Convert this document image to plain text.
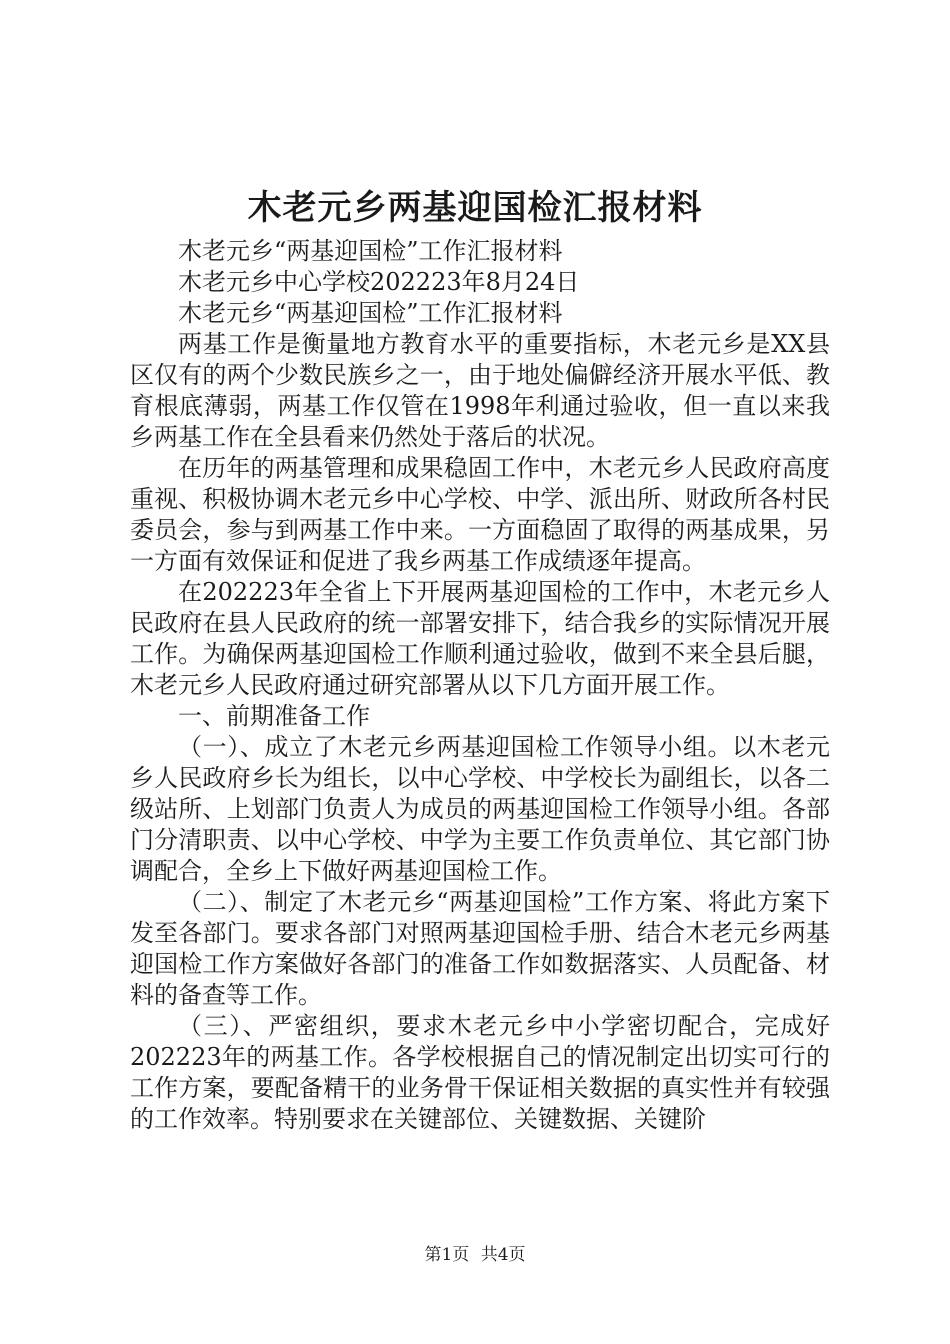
木老元乡两基迎国检汇报材料

木老元乡“两基迎国检”工作汇报材料

木老元乡中心学校202223年8月24日

木老元乡“两基迎国检”工作汇报材料

两基工作是衡量地方教育水平的重要指标，木老元乡是XX县区仅有的两个少数民族乡之一，由于地处偏僻经济开展水平低、教育根底薄弱，两基工作仅管在1998年利通过验收，但一直以来我乡两基工作在全县看来仍然处于落后的状况。

在历年的两基管理和成果稳固工作中，木老元乡人民政府高度重视、积极协调木老元乡中心学校、中学、派出所、财政所各村民委员会，参与到两基工作中来。一方面稳固了取得的两基成果，另一方面有效保证和促进了我乡两基工作成绩逐年提高。

在202223年全省上下开展两基迎国检的工作中，木老元乡人民政府在县人民政府的统一部署安排下，结合我乡的实际情况开展工作。为确保两基迎国检工作顺利通过验收，做到不来全县后腿，木老元乡人民政府通过研究部署从以下几方面开展工作。

一、前期准备工作

（一）、成立了木老元乡两基迎国检工作领导小组。以木老元乡人民政府乡长为组长，以中心学校、中学校长为副组长，以各二级站所、上划部门负责人为成员的两基迎国检工作领导小组。各部门分清职责、以中心学校、中学为主要工作负责单位、其它部门协调配合，全乡上下做好两基迎国检工作。

（二）、制定了木老元乡“两基迎国检”工作方案、将此方案下发至各部门。要求各部门对照两基迎国检手册、结合木老元乡两基迎国检工作方案做好各部门的准备工作如数据落实、人员配备、材料的备查等工作。

（三）、严密组织，要求木老元乡中小学密切配合，完成好202223年的两基工作。各学校根据自己的情况制定出切实可行的工作方案，要配备精干的业务骨干保证相关数据的真实性并有较强的工作效率。特别要求在关键部位、关键数据、关键阶

第1页 共4页
